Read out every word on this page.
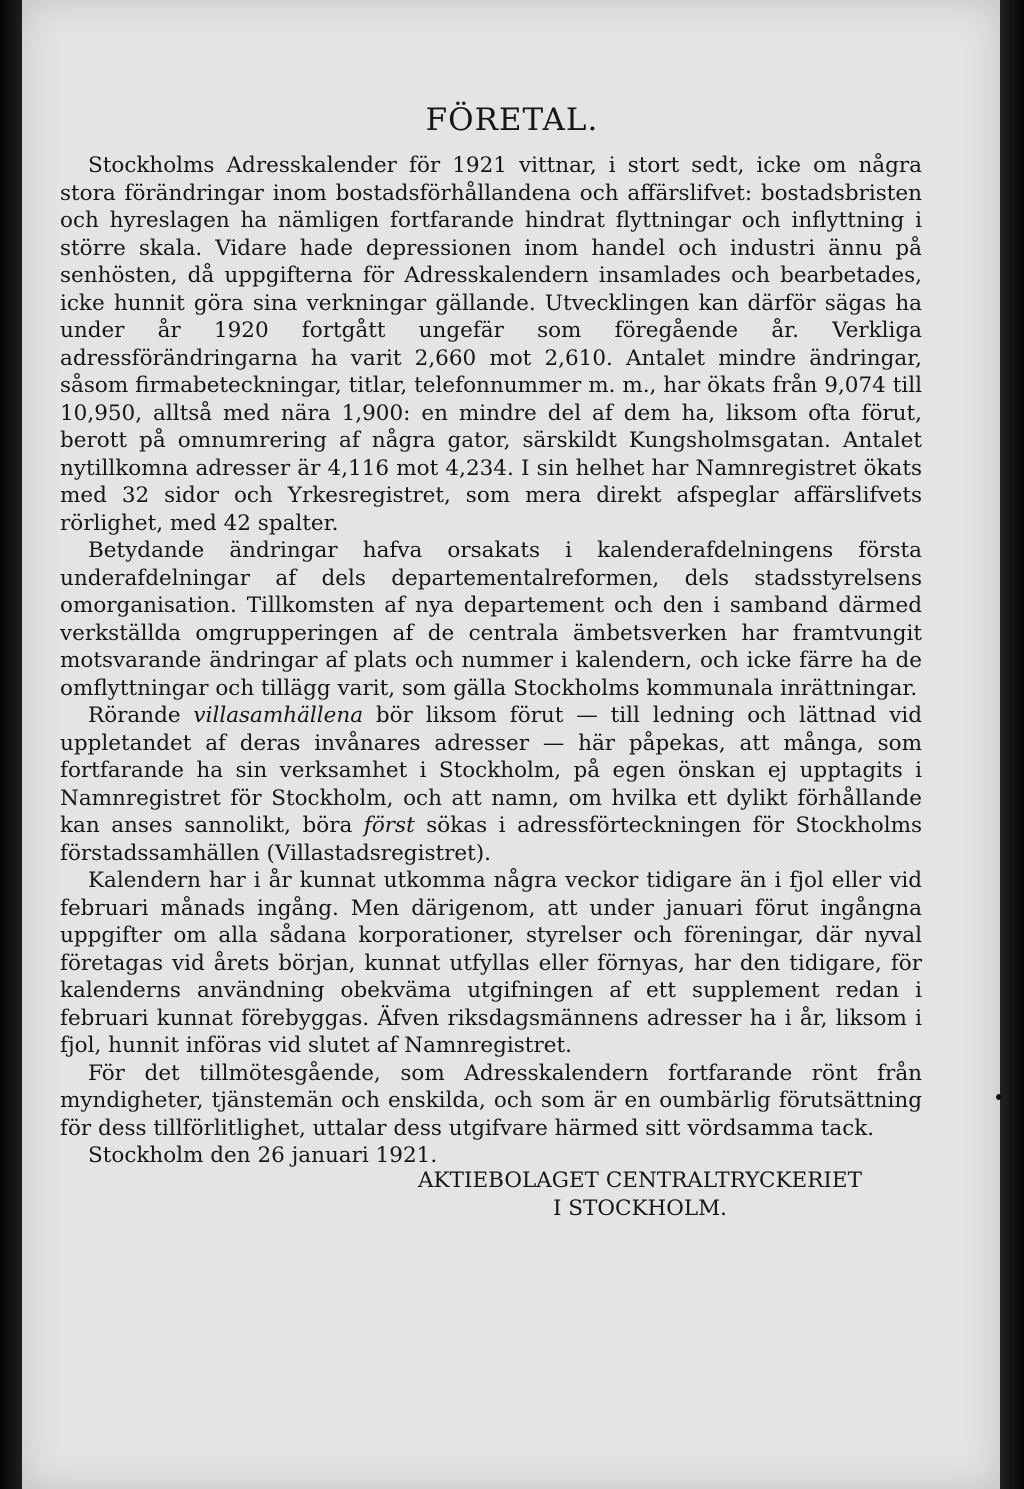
FÖRETAL.

Stockholms Adresskalender för 1921 vittnar, i stort sedt, icke om några stora förändringar inom bostadsförhållandena och affärslifvet: bostadsbristen och hyreslagen ha nämligen fortfarande hindrat flyttningar och inflyttning i större skala. Vidare hade depressionen inom handel och industri ännu på senhösten, då uppgifterna för Adresskalendern insamlades och bearbetades, icke hunnit göra sina verkningar gällande. Utvecklingen kan därför sägas ha under år 1920 fortgått ungefär som föregående år. Verkliga adressförändringarna ha varit 2,660 mot 2,610. Antalet mindre ändringar, såsom firmabeteckningar, titlar, telefonnummer m. m., har ökats från 9,074 till 10,950, alltså med nära 1,900: en mindre del af dem ha, liksom ofta förut, berott på omnumrering af några gator, särskildt Kungsholmsgatan. Antalet nytillkomna adresser är 4,116 mot 4,234. I sin helhet har Namnregistret ökats med 32 sidor och Yrkesregistret, som mera direkt afspeglar affärslifvets rörlighet, med 42 spalter.

Betydande ändringar hafva orsakats i kalenderafdelningens första underafdelningar af dels departementalreformen, dels stadsstyrelsens omorganisation. Tillkomsten af nya departement och den i samband därmed verkställda omgrupperingen af de centrala ämbetsverken har framtvungit motsvarande ändringar af plats och nummer i kalendern, och icke färre ha de omflyttningar och tillägg varit, som gälla Stockholms kommunala inrättningar.

Rörande villasamhällena bör liksom förut — till ledning och lättnad vid uppletandet af deras invånares adresser — här påpekas, att många, som fortfarande ha sin verksamhet i Stockholm, på egen önskan ej upptagits i Namnregistret för Stockholm, och att namn, om hvilka ett dylikt förhållande kan anses sannolikt, böra först sökas i adressförteckningen för Stockholms förstadssamhällen (Villastadsregistret).

Kalendern har i år kunnat utkomma några veckor tidigare än i fjol eller vid februari månads ingång. Men därigenom, att under januari förut ingångna uppgifter om alla sådana korporationer, styrelser och föreningar, där nyval företagas vid årets början, kunnat utfyllas eller förnyas, har den tidigare, för kalenderns användning obekväma utgifningen af ett supplement redan i februari kunnat förebyggas. Äfven riksdagsmännens adresser ha i år, liksom i fjol, hunnit införas vid slutet af Namnregistret.

För det tillmötesgående, som Adresskalendern fortfarande rönt från myndigheter, tjänstemän och enskilda, och som är en oumbärlig förutsättning för dess tillförlitlighet, uttalar dess utgifvare härmed sitt vördsamma tack.

Stockholm den 26 januari 1921.

AKTIEBOLAGET CENTRALTRYCKERIET
I STOCKHOLM.
